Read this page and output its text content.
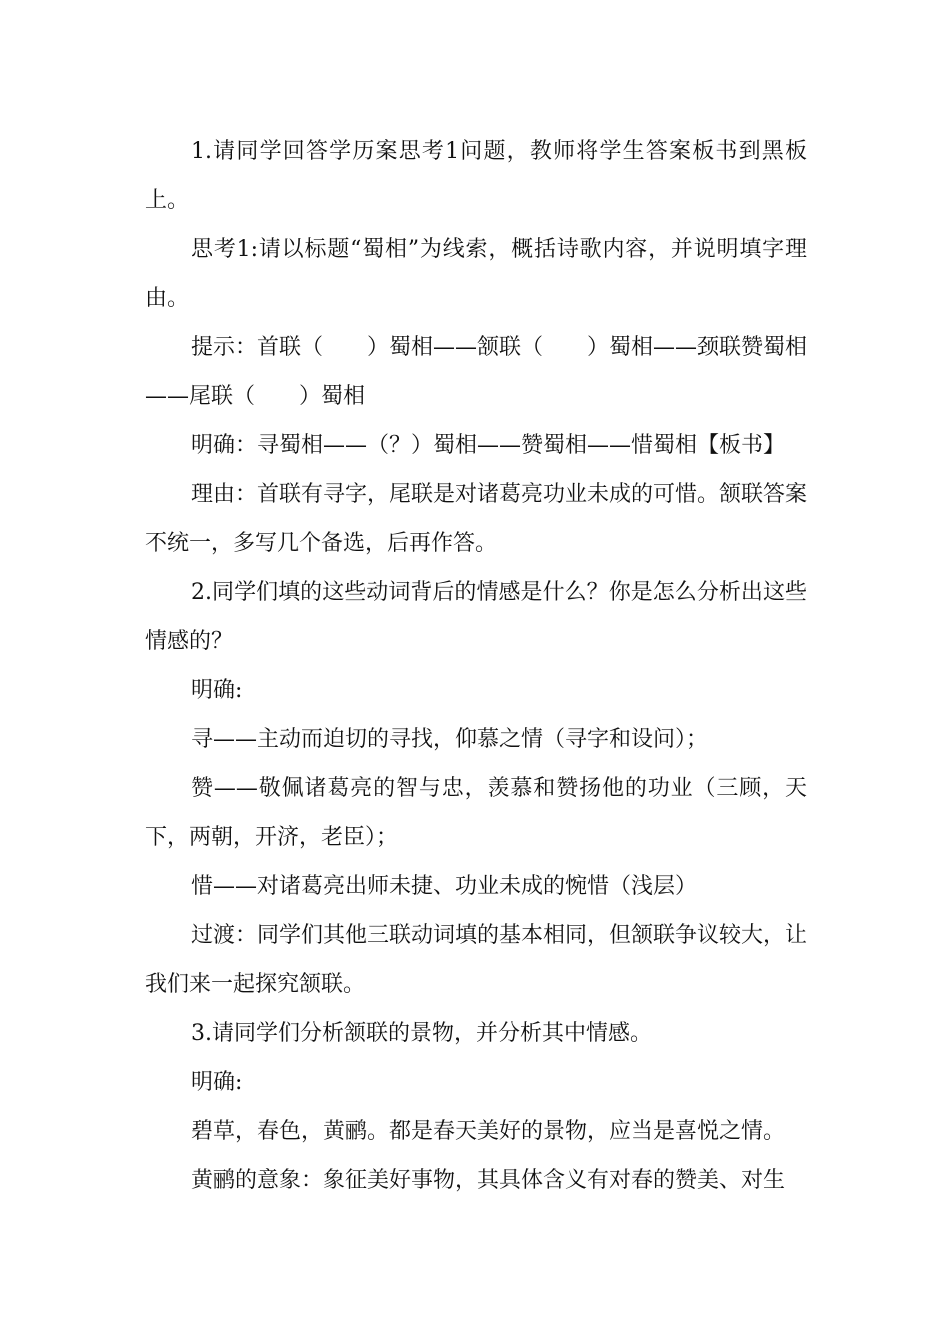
1.请同学回答学历案思考1问题，教师将学生答案板书到黑板上。

思考1:请以标题“蜀相”为线索，概括诗歌内容，并说明填字理由。

提示：首联（　　）蜀相——颔联（　　）蜀相——颈联赞蜀相——尾联（　　）蜀相

明确：寻蜀相——（？）蜀相——赞蜀相——惜蜀相【板书】

理由：首联有寻字，尾联是对诸葛亮功业未成的可惜。颔联答案不统一，多写几个备选，后再作答。

2.同学们填的这些动词背后的情感是什么？你是怎么分析出这些情感的？

明确:

寻——主动而迫切的寻找，仰慕之情（寻字和设问）；

赞——敬佩诸葛亮的智与忠，羡慕和赞扬他的功业（三顾，天下，两朝，开济，老臣）；

惜——对诸葛亮出师未捷、功业未成的惋惜（浅层）

过渡：同学们其他三联动词填的基本相同，但颔联争议较大，让我们来一起探究颔联。

3.请同学们分析颔联的景物，并分析其中情感。

明确:

碧草，春色，黄鹂。都是春天美好的景物，应当是喜悦之情。

黄鹂的意象：象征美好事物，其具体含义有对春的赞美、对生
